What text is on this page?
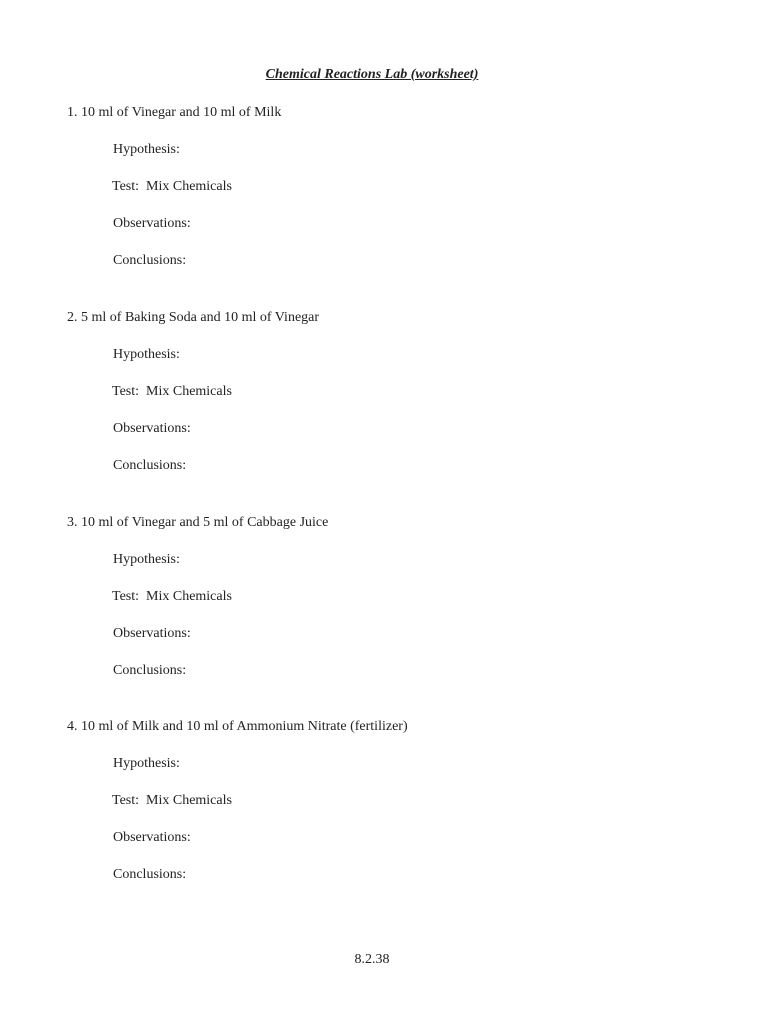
Chemical Reactions Lab (worksheet)
1. 10 ml of Vinegar and 10 ml of Milk
Hypothesis:
Test:  Mix Chemicals
Observations:
Conclusions:
2. 5 ml of Baking Soda and 10 ml of Vinegar
Hypothesis:
Test:  Mix Chemicals
Observations:
Conclusions:
3. 10 ml of Vinegar and 5 ml of Cabbage Juice
Hypothesis:
Test:  Mix Chemicals
Observations:
Conclusions:
4. 10 ml of Milk and 10 ml of Ammonium Nitrate (fertilizer)
Hypothesis:
Test:  Mix Chemicals
Observations:
Conclusions:
8.2.38
